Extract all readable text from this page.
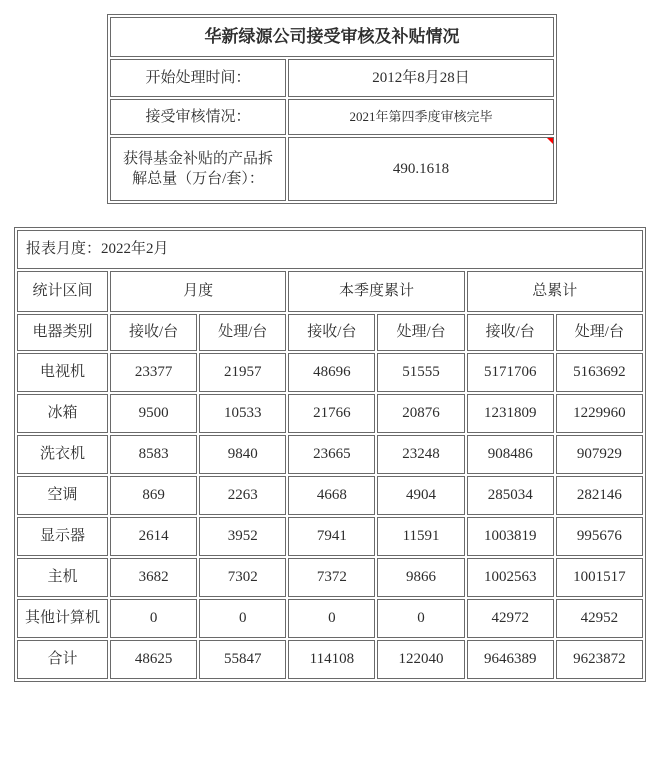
华新绿源公司接受审核及补贴情况	
开始处理时间：	2012年8月28日
接受审核情况：	2021年第四季度审核完毕
获得基金补贴的产品拆解总量（万台/套）：	490.1618
报表月度：2022年2月						
统计区间	月度		本季度累计		总累计	
电器类别	接收/台	处理/台	接收/台	处理/台	接收/台	处理/台
电视机	23377	21957	48696	51555	5171706	5163692
冰箱	9500	10533	21766	20876	1231809	1229960
洗衣机	8583	9840	23665	23248	908486	907929
空调	869	2263	4668	4904	285034	282146
显示器	2614	3952	7941	11591	1003819	995676
主机	3682	7302	7372	9866	1002563	1001517
其他计算机	0	0	0	0	42972	42952
合计	48625	55847	114108	122040	9646389	9623872
